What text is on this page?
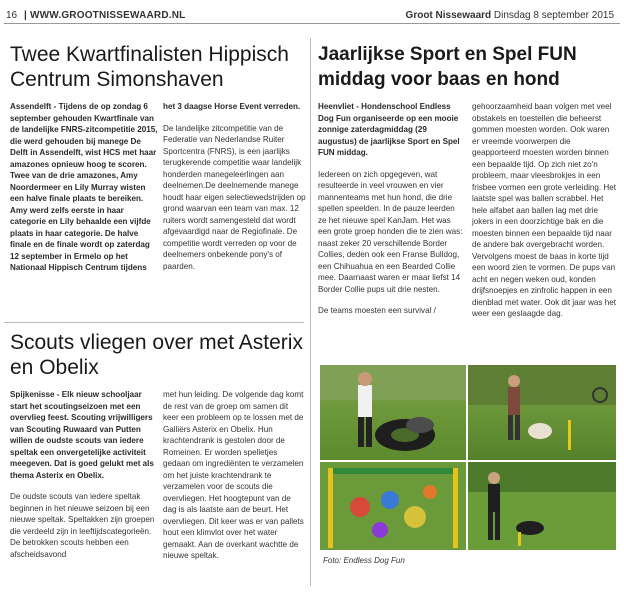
16 | WWW.GROOTNISSEWAARD.NL	Groot Nissewaard Dinsdag 8 september 2015
Twee Kwartfinalisten Hippisch Centrum Simonshaven

Assendelft - Tijdens de op zondag 6 september gehouden Kwartfinale van de landelijke FNRS-zitcompetitie 2015, die werd gehouden bij manege De Delft in Assendelft, wist HCS met haar amazones opnieuw hoog te scoren. Twee van de drie amazones, Amy Noordermeer en Lily Murray wisten een halve finale plaats te bereiken. Amy werd zelfs eerste in haar categorie en Lily behaalde een vijfde plaats in haar categorie. De halve finale en de finale wordt op zaterdag 12 september in Ermelo op het Nationaal Hippisch Centrum tijdens

het 3 daagse Horse Event verreden.

De landelijke zitcompetitie van de Federatie van Nederlandse Ruiter Sportcentra (FNRS), is een jaarlijks terugkerende competitie waar landelijk honderden manegeleerlingen aan deelnemen.De deelnemende manege houdt haar eigen selectiewedstrijden op grond waarvan een team van max. 12 ruiters wordt samengesteld dat wordt afgevaardigd naar de Regiofinale. De competitie wordt verreden op voor de deelnemers onbekende pony's of paarden.

Jaarlijkse Sport en Spel FUN middag voor baas en hond

Heenvliet - Hondenschool Endless Dog Fun organiseerde op een mooie zonnige zaterdagmiddag (29 augustus) de jaarlijkse Sport en Spel FUN middag.

Iedereen on zich opgegeven, wat resulteerde in veel vrouwen en vier mannenteams met hun hond, die drie spellen speelden. In de pauze leerden ze het nieuwe spel KanJam. Het was een grote groep honden die te zien was: naast zeker 20 verschillende Border Collies, deden ook een Franse Bulldog, een Chihuahua en een Bearded Collie mee. Daarnaast waren er maar liefst 14 Border Collie pups uit drie nesten.

De teams moesten een survival /

gehoorzaamheid baan volgen met veel obstakels en toestellen die beheerst gommen moesten worden. Ook waren er vreemde voorwerpen die geapporteerd moesten worden binnen een bepaalde tijd. Op zich niet zo'n probleem, maar vleesbrokjes in een frisbee vormen een grote verleiding. Het laatste spel was ballen scrabbel. Het hele alfabet aan ballen lag met drie jokers in een doorzichtige bak en die moesten binnen een bepaalde tijd naar de andere bak overgebracht worden. Vervolgens moest de baas in korte tijd een woord zien te vormen. De pups van acht en negen weken oud, konden drijfsnoepjes en zinfrolic happen in een dienblad met water. Ook dit jaar was het weer een geslaagde dag.

Foto: Endless Dog Fun
Scouts vliegen over met Asterix en Obelix

Spijkenisse - Elk nieuw schooljaar start het scoutingseizoen met een overvlieg feest. Scouting vrijwilligers van Scouting Ruwaard van Putten willen de oudste scouts van iedere speltak een onvergetelijke activiteit meegeven. Dat is goed gelukt met als thema Asterix en Obelix.

De oudste scouts van iedere speltak beginnen in het nieuwe seizoen bij een nieuwe speltak. Speltakken zijn groepen die verdeeld zijn in leeftijdscategorieën. De betrokken scouts hebben een afscheidsavond

met hun leiding. De volgende dag komt de rest van de groep om samen dit keer een probleem op te lossen met de Galliërs Asterix en Obelix. Hun krachtendrank is gestolen door de Romeinen. Er worden spelletjes gedaan om ingrediënten te verzamelen om het juiste krachtendrank te verzamelen voor de scouts die overvliegen. Het hoogtepunt van de dag is als laatste aan de beurt. Het overvliegen. Dit keer was er van pallets hout een klimvlot over het water gemaakt. Aan de overkant wachtte de nieuwe speltak.
